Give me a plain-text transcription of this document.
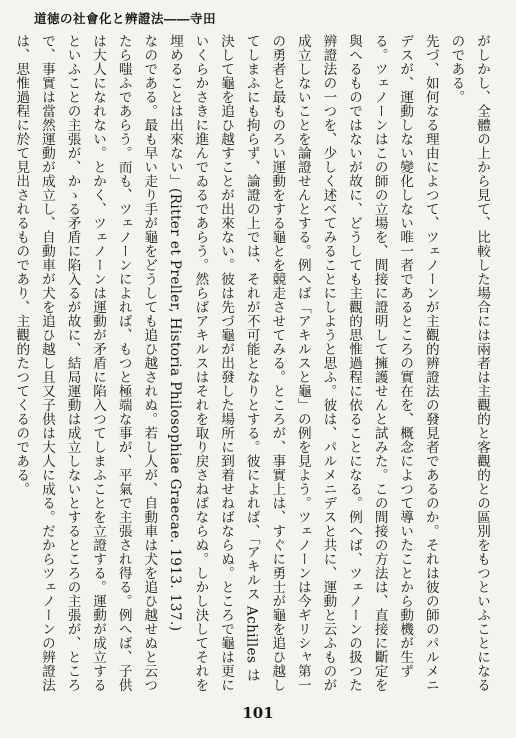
道徳の社會化と辨證法――寺田

がしかし、全體の上から見て、比較した場合には兩者は主觀的と客觀的との區別をもつといふことになるのである。

先づ、如何なる理由によつて、ツェノーンが主觀的辨證法の發見者であるのか。それは彼の師のパルメニデスが、運動しない變化しない唯一者であるところの實在を、概念によつて導いたことから動機が生ずる。ツェノーンはこの師の立場を、間接に證明して擁護せんと試みた。この間接の方法は、直接に斷定を與へるものではないが故に、どうしても主觀的思惟過程に依ることになる。例へば、ツェノーンの扱つた辨證法の一つを、少しく述べてみることにしようと思ふ。彼は、パルメニデスと共に、運動と云ふものが成立しないことを論證せんとする。例へば「アキルスと龜」の例を見よう。ツェノーンは今ギリシャ第一の勇者と最ものろい運動をする龜とを競走させてみる。ところが、事實上は、すぐに勇士が龜を追ひ越してしまふにも拘らず、論證の上では、それが不可能となりとする。彼によれば、「アキルス Achilles は決して龜を追ひ越すことが出來ない。彼は先づ龜が出發した場所に到着せねばならぬ。ところで龜は更にいくらかさきに進んでゐるであらう。然らばアキルスはそれを取り戻さねばならぬ。しかし決してそれを埋めることは出來ない」(Ritter et Preller, Historia Philosophiae Graecae. 1913. 137.)

なのである。最も早い走り手が龜をどうしても追ひ越されぬ。若し人が、自動車は犬を追ひ越せぬと云つたら嗤ふであらう。而も、ツェノーンによれば、もつと極端な事が、平氣で主張され得る。例へば、子供は大人になれない。とかく、ツェノーンは運動が矛盾に陷入つてしまふことを立證する。運動が成立するといふことの主張が、かゝる矛盾に陷入るが故に、結局運動は成立しないとするところの主張が、ところで、事實は當然運動が成立し、自動車が犬を追ひ越し且又子供は大人に成る。だからツェノーンの辨證法は、思惟過程に於て見出されるものであり、主觀的たつてくるのである。

101
